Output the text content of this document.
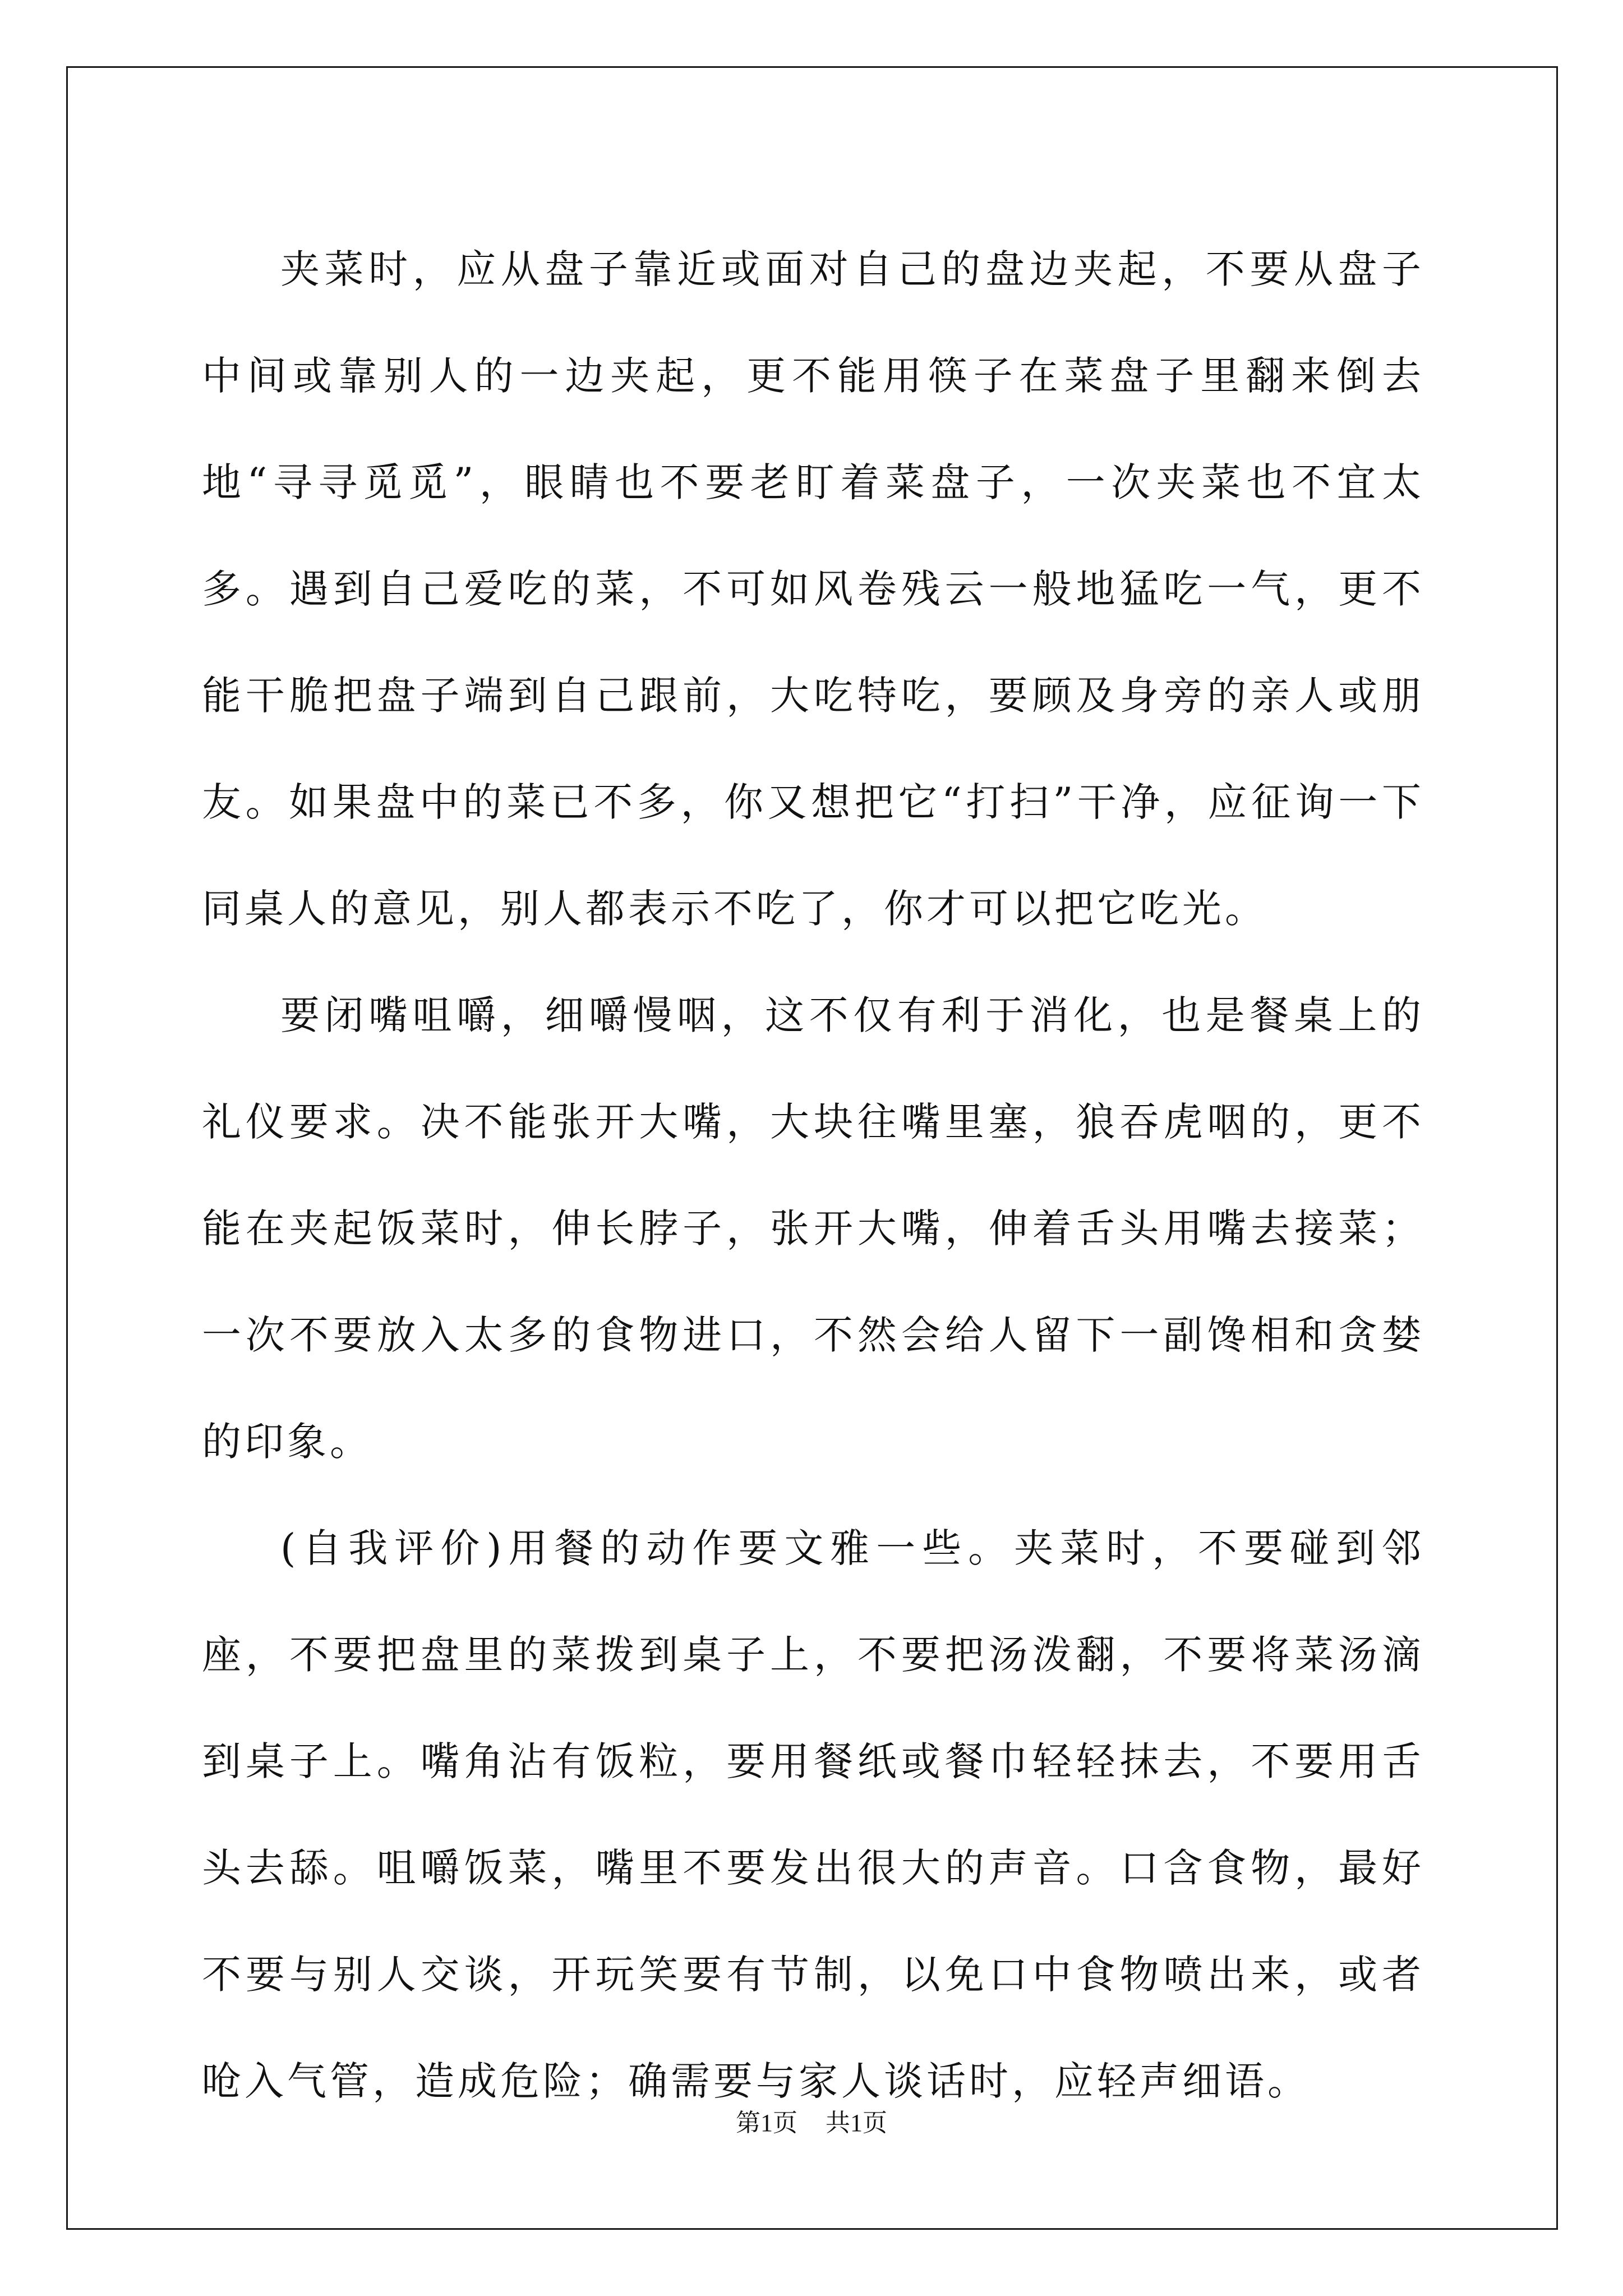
夹菜时，应从盘子靠近或面对自己的盘边夹起，不要从盘子中间或靠别人的一边夹起，更不能用筷子在菜盘子里翻来倒去地“寻寻觅觅”，眼睛也不要老盯着菜盘子，一次夹菜也不宜太多。遇到自己爱吃的菜，不可如风卷残云一般地猛吃一气，更不能干脆把盘子端到自己跟前，大吃特吃，要顾及身旁的亲人或朋友。如果盘中的菜已不多，你又想把它“打扫”干净，应征询一下同桌人的意见，别人都表示不吃了，你才可以把它吃光。

要闭嘴咀嚼，细嚼慢咽，这不仅有利于消化，也是餐桌上的礼仪要求。决不能张开大嘴，大块往嘴里塞，狼吞虎咽的，更不能在夹起饭菜时，伸长脖子，张开大嘴，伸着舌头用嘴去接菜；一次不要放入太多的食物进口，不然会给人留下一副馋相和贪婪的印象。

(自我评价)用餐的动作要文雅一些。夹菜时，不要碰到邻座，不要把盘里的菜拨到桌子上，不要把汤泼翻，不要将菜汤滴到桌子上。嘴角沾有饭粒，要用餐纸或餐巾轻轻抹去，不要用舌头去舔。咀嚼饭菜，嘴里不要发出很大的声音。口含食物，最好不要与别人交谈，开玩笑要有节制，以免口中食物喷出来，或者呛入气管，造成危险；确需要与家人谈话时，应轻声细语。

第1页 共1页
